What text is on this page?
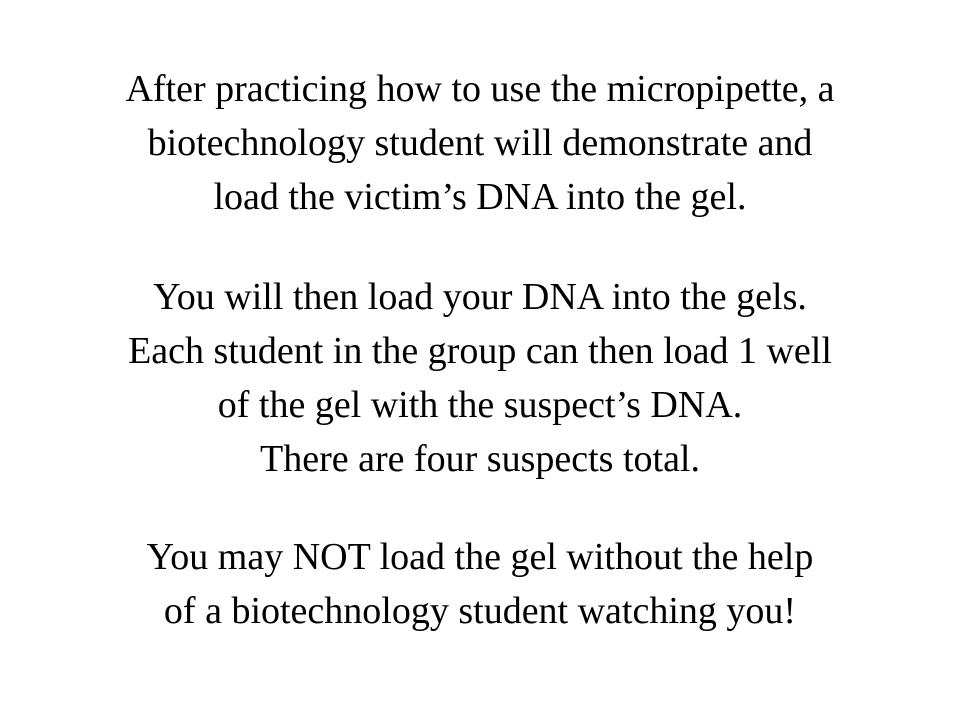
After practicing how to use the micropipette, a
biotechnology student will demonstrate and
load the victim’s DNA into the gel.

You will then load your DNA into the gels.
Each student in the group can then load 1 well
of the gel with the suspect’s DNA.
There are four suspects total.

You may NOT load the gel without the help
of a biotechnology student watching you!
